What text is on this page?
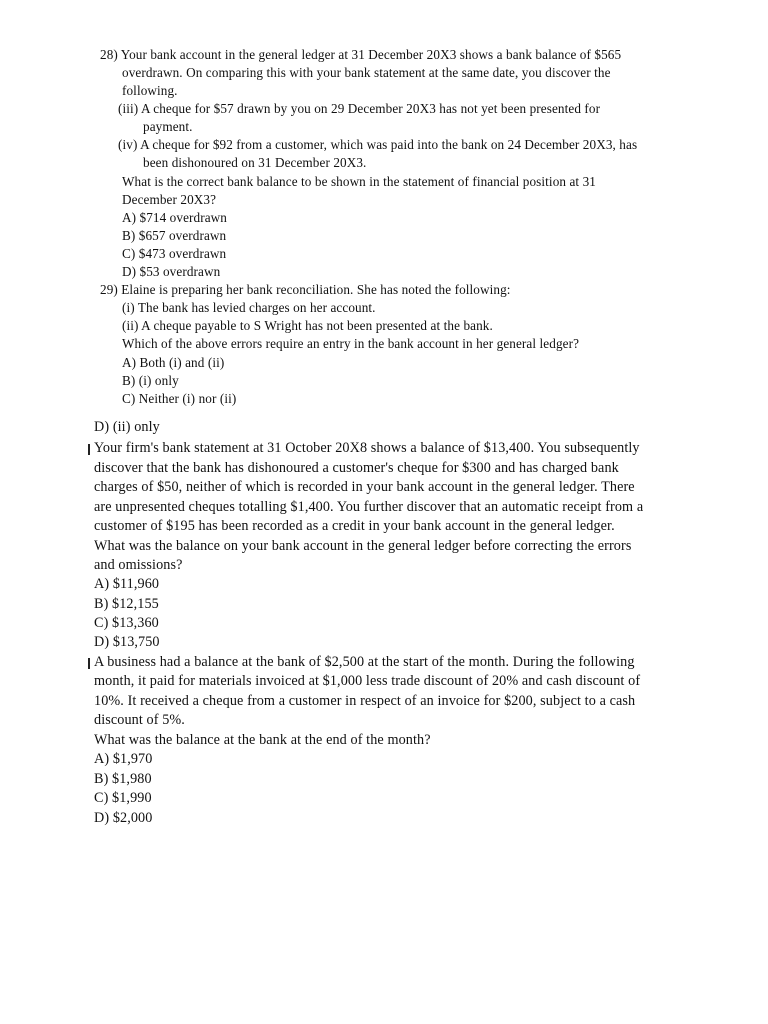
28) Your bank account in the general ledger at 31 December 20X3 shows a bank balance of $565
overdrawn. On comparing this with your bank statement at the same date, you discover the
following.
(iii) A cheque for $57 drawn by you on 29 December 20X3 has not yet been presented for
payment.
(iv) A cheque for $92 from a customer, which was paid into the bank on 24 December 20X3, has
been dishonoured on 31 December 20X3.
What is the correct bank balance to be shown in the statement of financial position at 31
December 20X3?
A) $714 overdrawn
B) $657 overdrawn
C) $473 overdrawn
D) $53 overdrawn
29) Elaine is preparing her bank reconciliation. She has noted the following:
(i) The bank has levied charges on her account.
(ii) A cheque payable to S Wright has not been presented at the bank.
Which of the above errors require an entry in the bank account in her general ledger?
A) Both (i) and (ii)
B) (i) only
C) Neither (i) nor (ii)
D) (ii) only
Your firm's bank statement at 31 October 20X8 shows a balance of $13,400. You subsequently
discover that the bank has dishonoured a customer's cheque for $300 and has charged bank
charges of $50, neither of which is recorded in your bank account in the general ledger. There
are unpresented cheques totalling $1,400. You further discover that an automatic receipt from a
customer of $195 has been recorded as a credit in your bank account in the general ledger.
What was the balance on your bank account in the general ledger before correcting the errors
and omissions?
A) $11,960
B) $12,155
C) $13,360
D) $13,750
A business had a balance at the bank of $2,500 at the start of the month. During the following
month, it paid for materials invoiced at $1,000 less trade discount of 20% and cash discount of
10%. It received a cheque from a customer in respect of an invoice for $200, subject to a cash
discount of 5%.
What was the balance at the bank at the end of the month?
A) $1,970
B) $1,980
C) $1,990
D) $2,000
